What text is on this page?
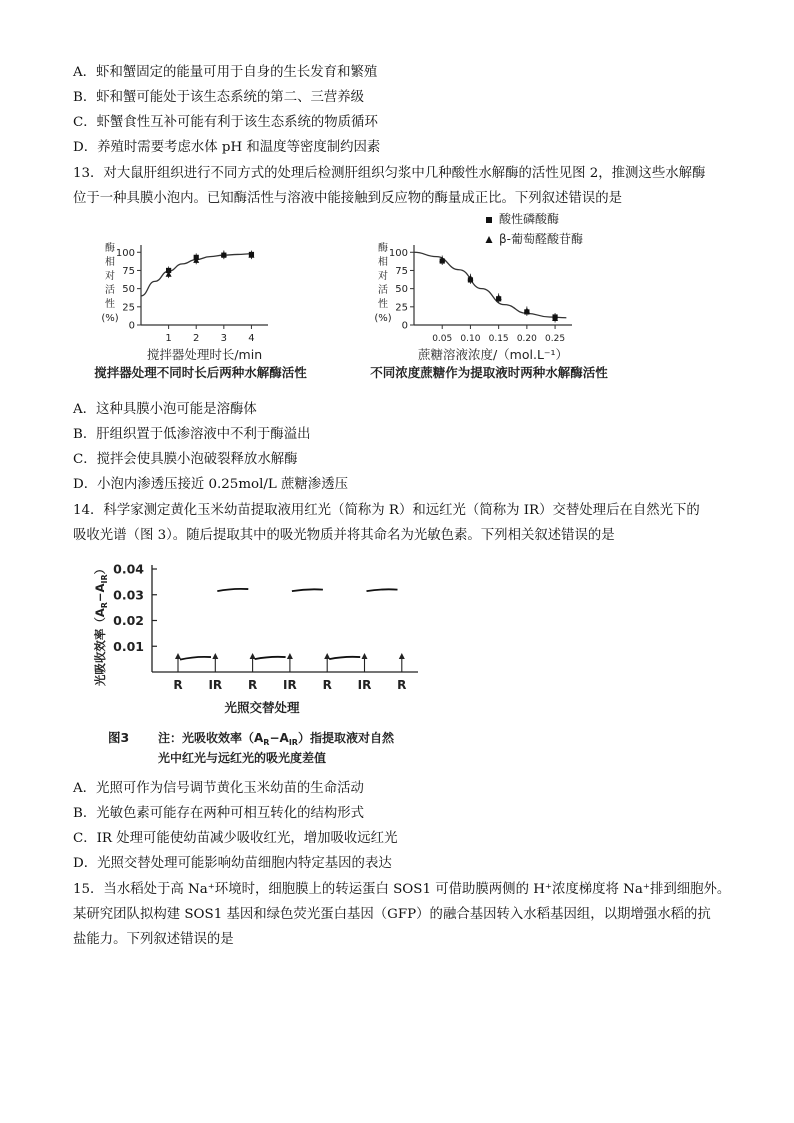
A．虾和蟹固定的能量可用于自身的生长发育和繁殖
B．虾和蟹可能处于该生态系统的第二、三营养级
C．虾蟹食性互补可能有利于该生态系统的物质循环
D．养殖时需要考虑水体 pH 和温度等密度制约因素
13．对大鼠肝组织进行不同方式的处理后检测肝组织匀浆中几种酸性水解酶的活性见图 2，推测这些水解酶
位于一种具膜小泡内。已知酶活性与溶液中能接触到反应物的酶量成正比。下列叙述错误的是
0
25
50
75
100
1 2 3 4
酶
相
对
活
性
(%)
搅拌器处理时长/min
搅拌器处理不同时长后两种水解酶活性
0
25
50
75
100
0.05 0.10 0.15 0.20 0.25
酶
相
对
活
性
(%)
蔗糖溶液浓度/（mol.L⁻¹）
不同浓度蔗糖作为提取液时两种水解酶活性
酸性磷酸酶
β-葡萄醛酸苷酶
A．这种具膜小泡可能是溶酶体
B．肝组织置于低渗溶液中不利于酶溢出
C．搅拌会使具膜小泡破裂释放水解酶
D．小泡内渗透压接近 0.25mol/L 蔗糖渗透压
14．科学家测定黄化玉米幼苗提取液用红光（简称为 R）和远红光（简称为 IR）交替处理后在自然光下的
吸收光谱（图 3）。随后提取其中的吸光物质并将其命名为光敏色素。下列相关叙述错误的是
0.01
0.02
0.03
0.04
光吸收效率$(A_R-A_{IR})$
R IR R IR R IR R
光照交替处理
图3 注：光吸收效率$(A_R-A_{IR})$指提取液对自然
光中红光与远红光的吸光度差值
A．光照可作为信号调节黄化玉米幼苗的生命活动
B．光敏色素可能存在两种可相互转化的结构形式
C．IR 处理可能使幼苗减少吸收红光，增加吸收远红光
D．光照交替处理可能影响幼苗细胞内特定基因的表达
15．当水稻处于高 Na⁺环境时，细胞膜上的转运蛋白 SOS1 可借助膜两侧的 H⁺浓度梯度将 Na⁺排到细胞外。
某研究团队拟构建 SOS1 基因和绿色荧光蛋白基因（GFP）的融合基因转入水稻基因组，以期增强水稻的抗
盐能力。下列叙述错误的是
